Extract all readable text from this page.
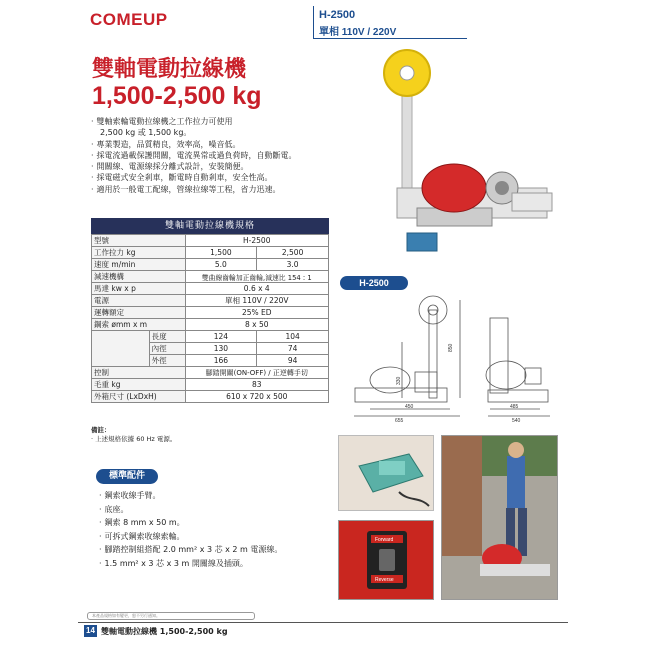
COMEUP	H-2500
單相 110V / 220V
雙軸電動拉線機
1,500-2,500 kg
· 雙軸索輪電動拉線機之工作拉力可使用
2,500 kg 或 1,500 kg。
· 專業製造，品質精良，效率高，噪音低。
· 採電流過載保護開關，電流異常或過負荷時，自動斷電。
· 開關線、電源線採分離式設計，安裝簡便。
· 採電磁式安全剎車，斷電時自動剎車，安全性高。
· 適用於一般電工配線，管線拉線等工程，省力迅速。
雙軸電動拉線機規格
型號		H-2500	
工作拉力 kg		1,500	2,500
速度 m/min		5.0	3.0
減速機構		雙曲線齒輪加正齒輪,減速比 154 : 1	
馬達 kw x p		0.6 x 4	
電源		單相 110V / 220V	
運轉額定		25% ED	
鋼索 ømm x m		8 x 50	
	長度	124	104
	內徑	130	74
	外徑	166	94
控制		腳踏開關(ON-OFF) / 正逆轉手切	
毛重 kg		83	
外箱尺寸 (LxDxH)		610 x 720 x 500	
備註：
· 上述規格依據 60 Hz 電源。
H-2500
850
330
450
655
485
540
Forward
Reverse
標準配件
· 鋼索收線手臂。
· 底座。
· 鋼索 8 mm x 50 m。
· 可拆式鋼索收線索輪。
· 腳踏控制組搭配 2.0 mm² x 3 芯 x 2 m 電源線。
· 1.5 mm² x 3 芯 x 3 m 開關線及插頭。
本產品規格如有變更，恕不另行通知。
14 雙軸電動拉線機 1,500-2,500 kg
